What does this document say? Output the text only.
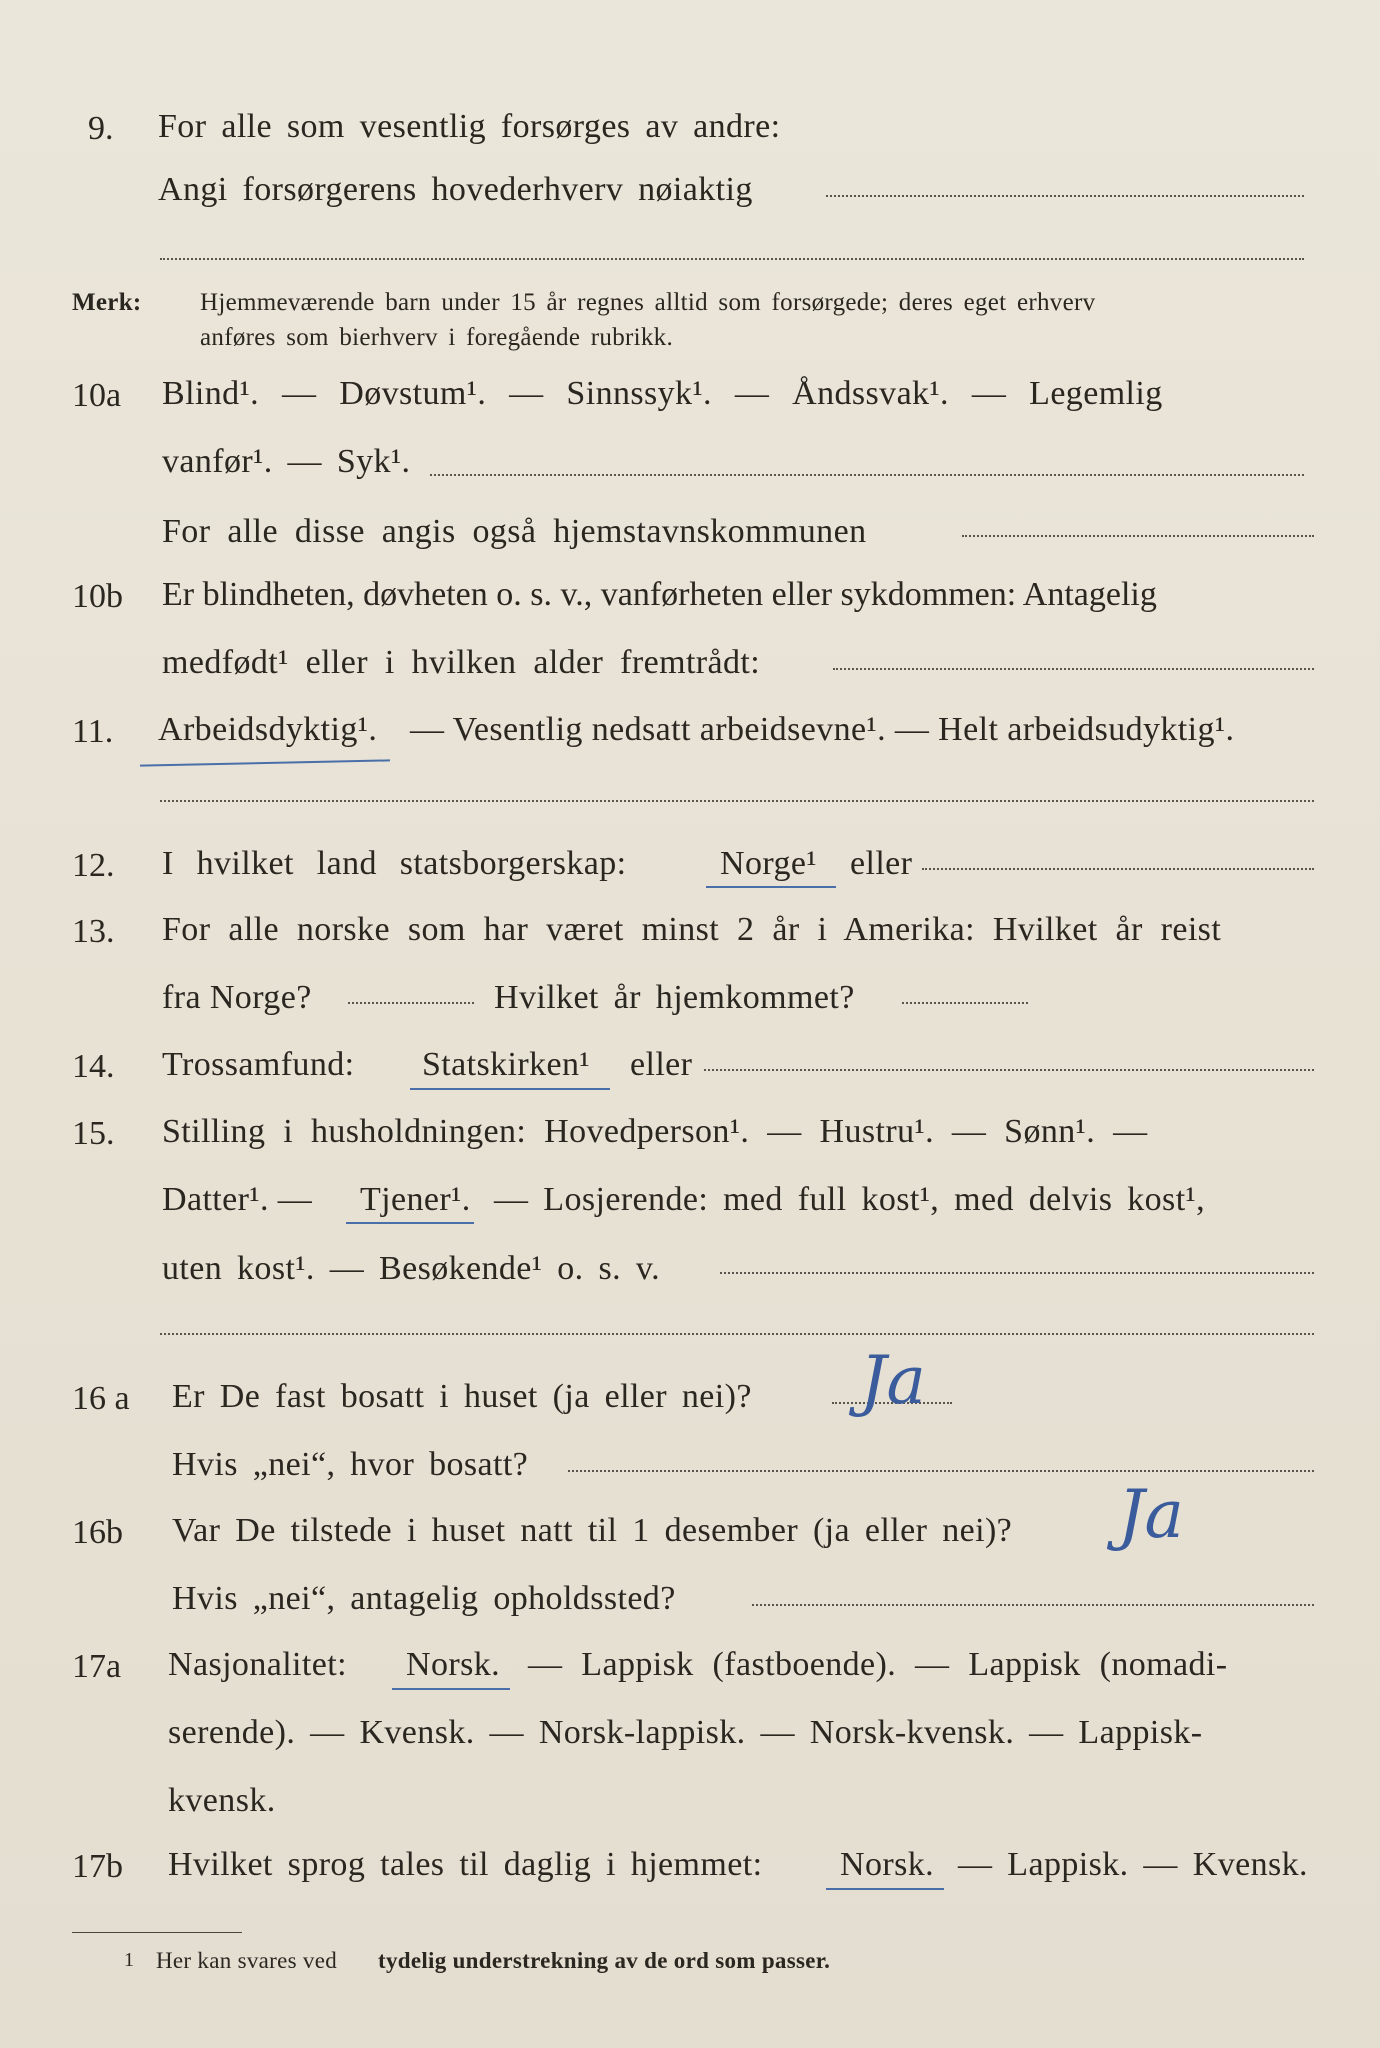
9. For alle som vesentlig forsørges av andre:
Angi forsørgerens hovederhverv nøiaktig
Merk: Hjemmeværende barn under 15 år regnes alltid som forsørgede; deres eget erhverv
anføres som bierhverv i foregående rubrikk.
10a Blind¹. — Døvstum¹. — Sinnssyk¹. — Åndssvak¹. — Legemlig
vanfør¹. — Syk¹.
For alle disse angis også hjemstavnskommunen
10b Er blindheten, døvheten o. s. v., vanførheten eller sykdommen: Antagelig
medfødt¹ eller i hvilken alder fremtrådt:
11. Arbeidsdyktig¹. — Vesentlig nedsatt arbeidsevne¹. — Helt arbeidsudyktig¹.
12. I hvilket land statsborgerskap:	Norge¹ eller
13. For alle norske som har været minst 2 år i Amerika: Hvilket år reist
fra Norge?	Hvilket år hjemkommet?
14. Trossamfund: Statskirken¹ eller
15. Stilling i husholdningen: Hovedperson¹. — Hustru¹. — Sønn¹. —
Datter¹. — Tjener¹. — Losjerende: med full kost¹, med delvis kost¹,
uten kost¹. — Besøkende¹ o. s. v.
16 a Er De fast bosatt i huset (ja eller nei)? Ja
Hvis „nei“, hvor bosatt?
16b Var De tilstede i huset natt til 1 desember (ja eller nei)? Ja
Hvis „nei“, antagelig opholdssted?
17a Nasjonalitet: Norsk. — Lappisk (fastboende). — Lappisk (nomadi-
serende). — Kvensk. — Norsk-lappisk. — Norsk-kvensk. — Lappisk-
kvensk.
17b Hvilket sprog tales til daglig i hjemmet: Norsk. — Lappisk. — Kvensk.
1 Her kan svares ved tydelig understrekning av de ord som passer.
